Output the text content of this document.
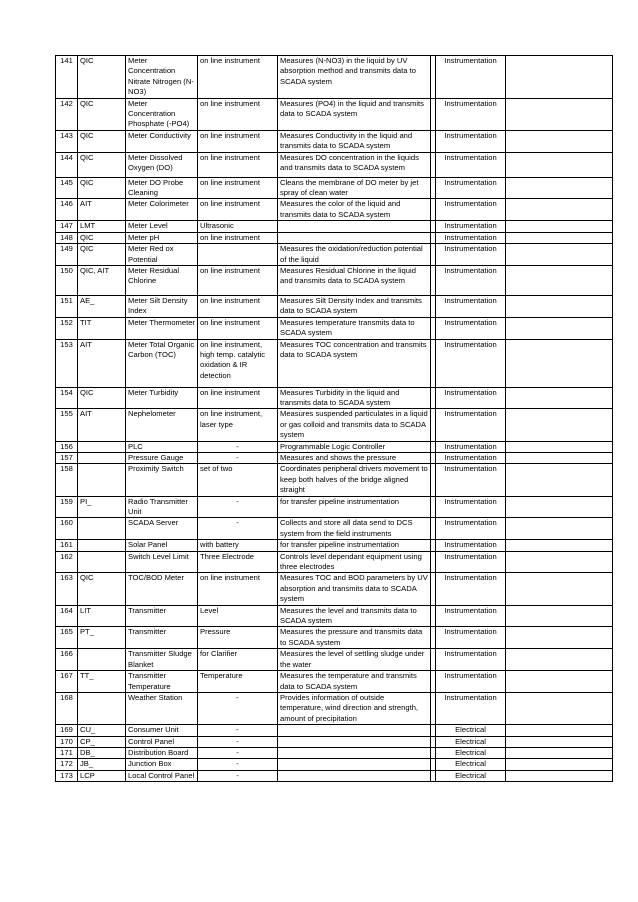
141	QIC	Meter Concentration Nitrate Nitrogen (N-NO3)	on line instrument	Measures (N-NO3) in the liquid by UV absorption method and transmits data to SCADA system		Instrumentation	
142	QIC	Meter Concentration Phosphate (-PO4)	on line instrument	Measures (PO4) in the liquid and transmits data to SCADA system		Instrumentation	
143	QIC	Meter Conductivity	on line instrument	Measures Conductivity in the liquid and transmits data to SCADA system		Instrumentation	
144	QIC	Meter Dissolved Oxygen (DO)	on line instrument	Measures DO concentration in the liquids and transmits data to SCADA system		Instrumentation	
145	QIC	Meter DO Probe Cleaning	on line instrument	Cleans the membrane of DO meter by jet spray of clean water		Instrumentation	
146	AIT	Meter Colorimeter	on line instrument	Measures the color of the liquid and transmits data to SCADA system		Instrumentation	
147	LMT	Meter Level	Ultrasonic			Instrumentation	
148	QIC	Meter pH	on line instrument			Instrumentation	
149	QIC	Meter Red ox Potential		Measures the oxidation/reduction potential of the liquid		Instrumentation	
150	QIC, AIT	Meter Residual Chlorine	on line instrument	Measures Residual Chlorine in the liquid and transmits data to SCADA system		Instrumentation	
151	AE_	Meter Silt Density Index	on line instrument	Measures Silt Density Index and transmits data to SCADA system		Instrumentation	
152	TIT	Meter Thermometer	on line instrument	Measures temperature transmits data to SCADA system		Instrumentation	
153	AIT	Meter Total Organic Carbon (TOC)	on line instrument, high temp. catalytic oxidation & IR detection	Measures TOC concentration and transmits data to SCADA system		Instrumentation	
154	QIC	Meter Turbidity	on line instrument	Measures Turbidity in the liquid and transmits data to SCADA system		Instrumentation	
155	AIT	Nephelometer	on line instrument, laser type	Measures suspended particulates in a liquid or gas colloid and transmits data to SCADA system		Instrumentation	
156		PLC	-	Programmable Logic Controller		Instrumentation	
157		Pressure Gauge	-	Measures and shows the pressure		Instrumentation	
158		Proximity Switch	set of two	Coordinates peripheral drivers movement to keep both halves of the bridge aligned straight		Instrumentation	
159	PI_	Radio Transmitter Unit	-	for transfer pipeline instrumentation		Instrumentation	
160		SCADA Server	-	Collects and store all data send to DCS system from the field instruments		Instrumentation	
161		Solar Panel	with battery	for transfer pipeline instrumentation		Instrumentation	
162		Switch Level Limit	Three Electrode	Controls level dependant equipment using three electrodes		Instrumentation	
163	QIC	TOC/BOD Meter	on line instrument	Measures TOC and BOD parameters by UV absorption and transmits data to SCADA system		Instrumentation	
164	LIT	Transmitter	Level	Measures the level and transmits data to SCADA system		Instrumentation	
165	PT_	Transmitter	Pressure	Measures the pressure and transmits data to SCADA system		Instrumentation	
166		Transmitter Sludge Blanket	for Clarifier	Measures the level of settling sludge under the water		Instrumentation	
167	TT_	Transmitter Temperature	Temperature	Measures the temperature and transmits data to SCADA system		Instrumentation	
168		Weather Station	-	Provides information of outside temperature, wind direction and strength, amount of precipitation		Instrumentation	
169	CU_	Consumer Unit	-			Electrical	
170	CP_	Control Panel	-			Electrical	
171	DB_	Distribution Board	-			Electrical	
172	JB_	Junction Box	-			Electrical	
173	LCP	Local Control Panel	-			Electrical	
